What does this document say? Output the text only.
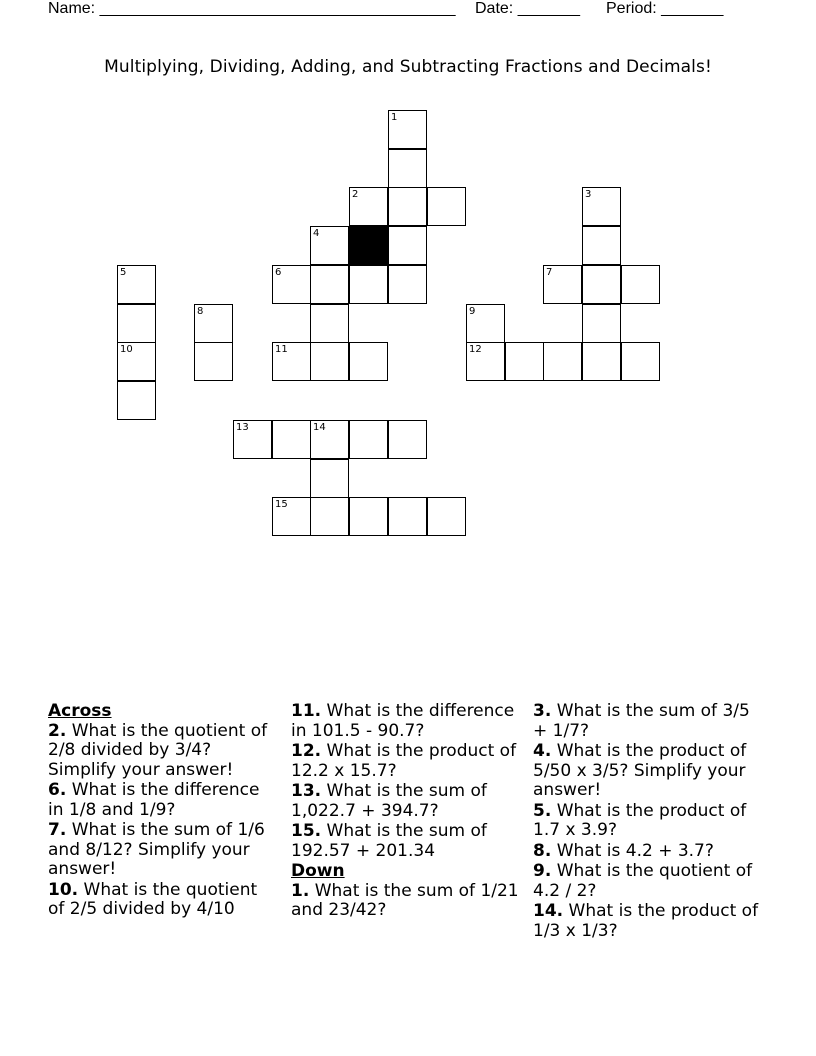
Name: ________________________________________ Date: _______ Period: _______
Multiplying, Dividing, Adding, and Subtracting Fractions and Decimals!
1
2	3
4
5	6	7
8	9
10	11	12
13	14
15
Across
2. What is the quotient of 2/8 divided by 3/4? Simplify your answer!
6. What is the difference in 1/8 and 1/9?
7. What is the sum of 1/6 and 8/12? Simplify your answer!
10. What is the quotient of 2/5 divided by 4/10
11. What is the difference in 101.5 - 90.7?
12. What is the product of 12.2 x 15.7?
13. What is the sum of 1,022.7 + 394.7?
15. What is the sum of 192.57 + 201.34
Down
1. What is the sum of 1/21 and 23/42?
3. What is the sum of 3/5 + 1/7?
4. What is the product of 5/50 x 3/5? Simplify your answer!
5. What is the product of 1.7 x 3.9?
8. What is 4.2 + 3.7?
9. What is the quotient of 4.2 / 2?
14. What is the product of 1/3 x 1/3?
